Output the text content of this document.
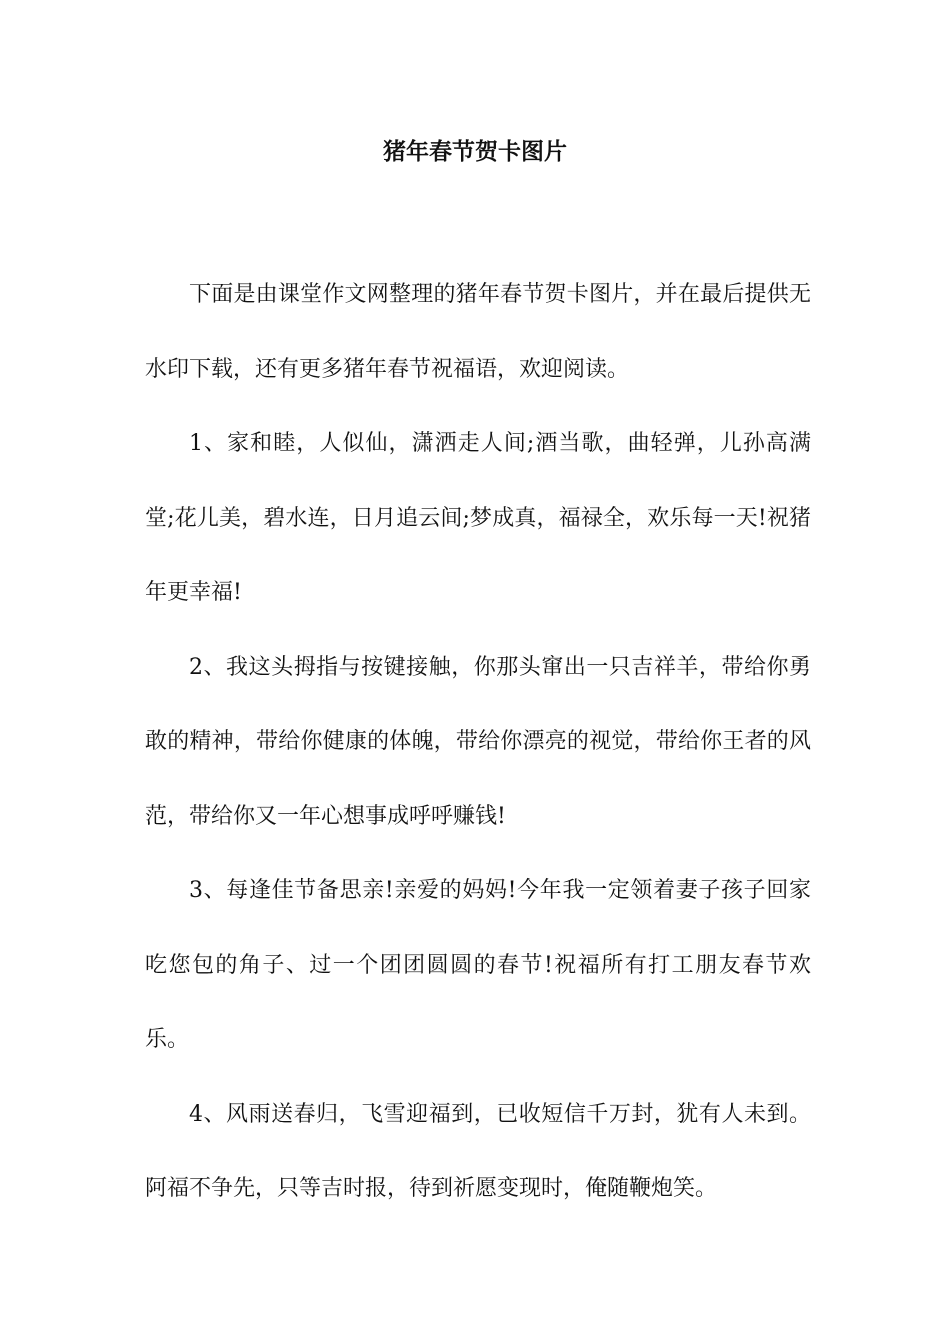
猪年春节贺卡图片

下面是由课堂作文网整理的猪年春节贺卡图片，并在最后提供无水印下载，还有更多猪年春节祝福语，欢迎阅读。

1、家和睦，人似仙，潇洒走人间;酒当歌，曲轻弹，儿孙高满堂;花儿美，碧水连，日月追云间;梦成真，福禄全，欢乐每一天!祝猪年更幸福!

2、我这头拇指与按键接触，你那头窜出一只吉祥羊，带给你勇敢的精神，带给你健康的体魄，带给你漂亮的视觉，带给你王者的风范，带给你又一年心想事成呼呼赚钱!

3、每逢佳节备思亲!亲爱的妈妈!今年我一定领着妻子孩子回家吃您包的角子、过一个团团圆圆的春节!祝福所有打工朋友春节欢乐。

4、风雨送春归，飞雪迎福到，已收短信千万封，犹有人未到。阿福不争先，只等吉时报，待到祈愿变现时，俺随鞭炮笑。
